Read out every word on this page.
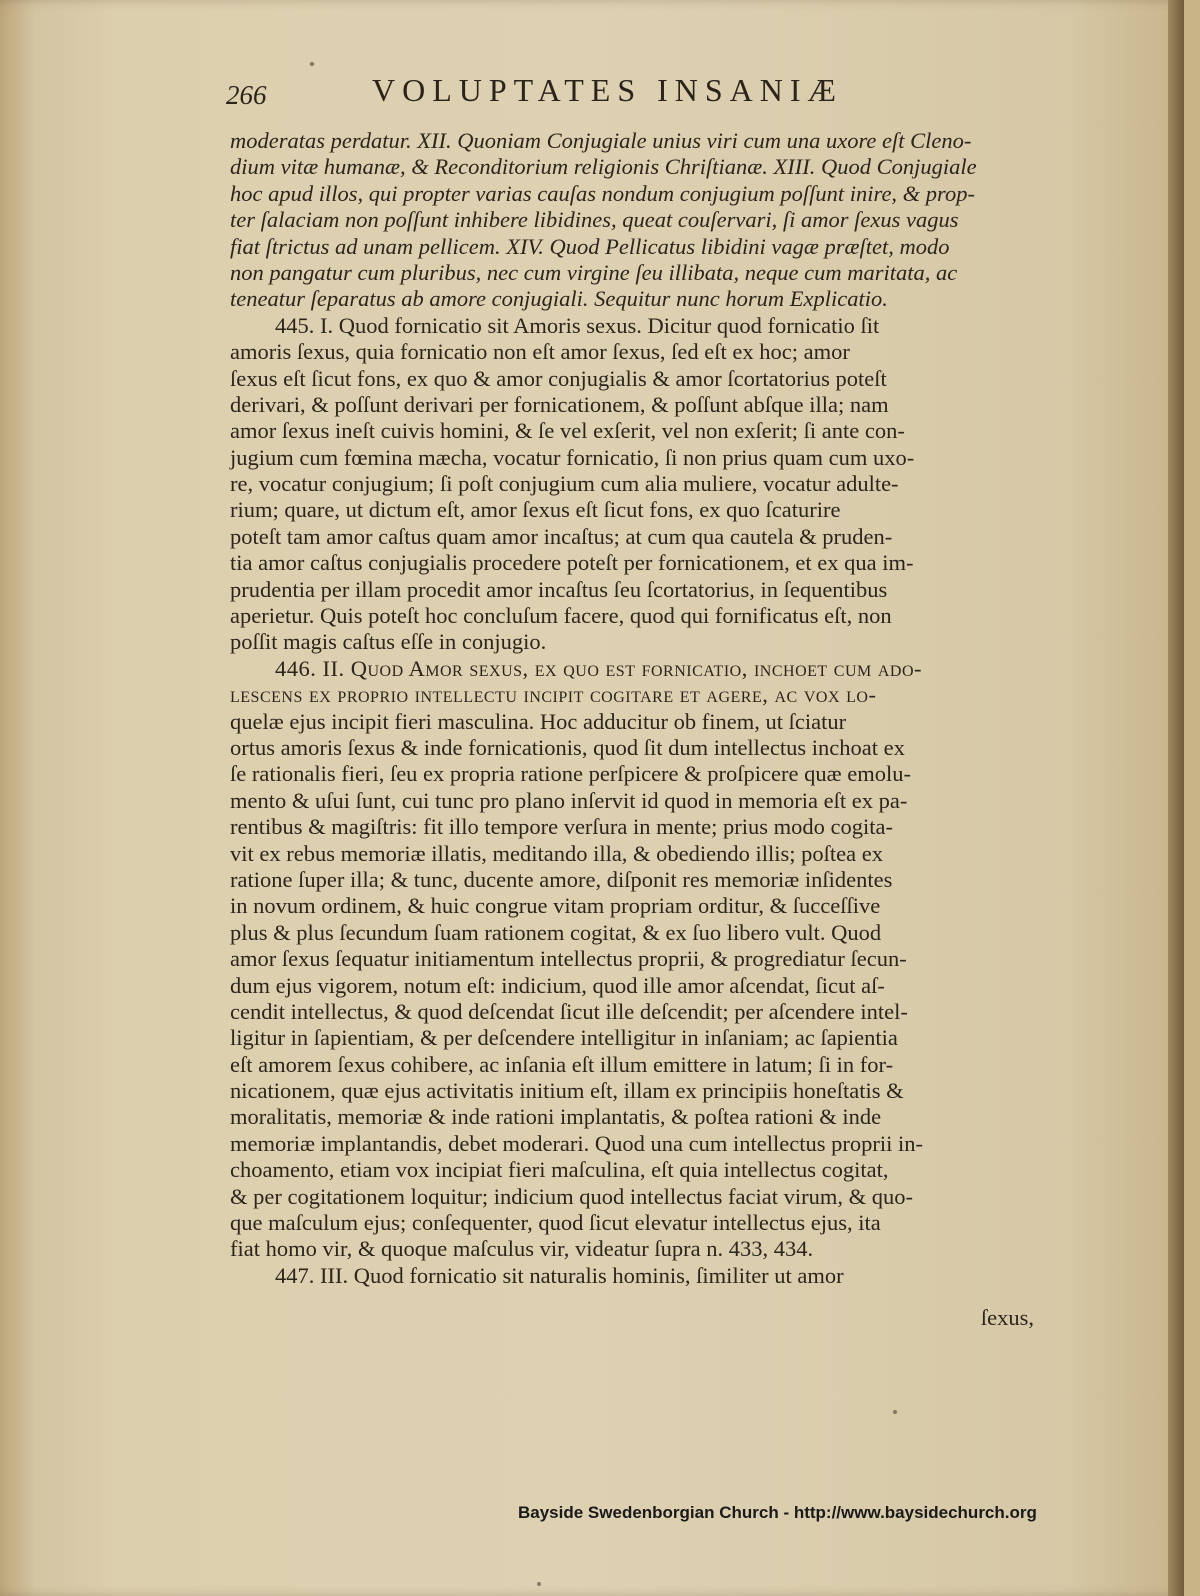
266	VOLUPTATES INSANIÆ
moderatas perdatur. XII. Quoniam Conjugiale unius viri cum una uxore eſt Cleno-
dium vitæ humanæ, & Reconditorium religionis Chriſtianæ. XIII. Quod Conjugiale
hoc apud illos, qui propter varias cauſas nondum conjugium poſſunt inire, & prop-
ter ſalaciam non poſſunt inhibere libidines, queat couſervari, ſi amor ſexus vagus
fiat ſtrictus ad unam pellicem. XIV. Quod Pellicatus libidini vagæ præſtet, modo
non pangatur cum pluribus, nec cum virgine ſeu illibata, neque cum maritata, ac
teneatur ſeparatus ab amore conjugiali. Sequitur nunc horum Explicatio.
445. I. Quod fornicatio sit Amoris sexus. Dicitur quod fornicatio ſit
amoris ſexus, quia fornicatio non eſt amor ſexus, ſed eſt ex hoc; amor
ſexus eſt ſicut fons, ex quo & amor conjugialis & amor ſcortatorius poteſt
derivari, & poſſunt derivari per fornicationem, & poſſunt abſque illa; nam
amor ſexus ineſt cuivis homini, & ſe vel exſerit, vel non exſerit; ſi ante con-
jugium cum fœmina mæcha, vocatur fornicatio, ſi non prius quam cum uxo-
re, vocatur conjugium; ſi poſt conjugium cum alia muliere, vocatur adulte-
rium; quare, ut dictum eſt, amor ſexus eſt ſicut fons, ex quo ſcaturire
poteſt tam amor caſtus quam amor incaſtus; at cum qua cautela & pruden-
tia amor caſtus conjugialis procedere poteſt per fornicationem, et ex qua im-
prudentia per illam procedit amor incaſtus ſeu ſcortatorius, in ſequentibus
aperietur. Quis poteſt hoc concluſum facere, quod qui fornificatus eſt, non
poſſit magis caſtus eſſe in conjugio.
446. II. Quod Amor sexus, ex quo est fornicatio, inchoet cum ado-
lescens ex proprio intellectu incipit cogitare et agere, ac vox lo-
quelæ ejus incipit fieri masculina. Hoc adducitur ob finem, ut ſciatur
ortus amoris ſexus & inde fornicationis, quod ſit dum intellectus inchoat ex
ſe rationalis fieri, ſeu ex propria ratione perſpicere & proſpicere quæ emolu-
mento & uſui ſunt, cui tunc pro plano inſervit id quod in memoria eſt ex pa-
rentibus & magiſtris: fit illo tempore verſura in mente; prius modo cogita-
vit ex rebus memoriæ illatis, meditando illa, & obediendo illis; poſtea ex
ratione ſuper illa; & tunc, ducente amore, diſponit res memoriæ inſidentes
in novum ordinem, & huic congrue vitam propriam orditur, & ſucceſſive
plus & plus ſecundum ſuam rationem cogitat, & ex ſuo libero vult. Quod
amor ſexus ſequatur initiamentum intellectus proprii, & progrediatur ſecun-
dum ejus vigorem, notum eſt: indicium, quod ille amor aſcendat, ſicut aſ-
cendit intellectus, & quod deſcendat ſicut ille deſcendit; per aſcendere intel-
ligitur in ſapientiam, & per deſcendere intelligitur in inſaniam; ac ſapientia
eſt amorem ſexus cohibere, ac inſania eſt illum emittere in latum; ſi in for-
nicationem, quæ ejus activitatis initium eſt, illam ex principiis honeſtatis &
moralitatis, memoriæ & inde rationi implantatis, & poſtea rationi & inde
memoriæ implantandis, debet moderari. Quod una cum intellectus proprii in-
choamento, etiam vox incipiat fieri maſculina, eſt quia intellectus cogitat,
& per cogitationem loquitur; indicium quod intellectus faciat virum, & quo-
que maſculum ejus; conſequenter, quod ſicut elevatur intellectus ejus, ita
fiat homo vir, & quoque maſculus vir, videatur ſupra n. 433, 434.
447. III. Quod fornicatio sit naturalis hominis, ſimiliter ut amor
ſexus,
Bayside Swedenborgian Church - http://www.baysidechurch.org
